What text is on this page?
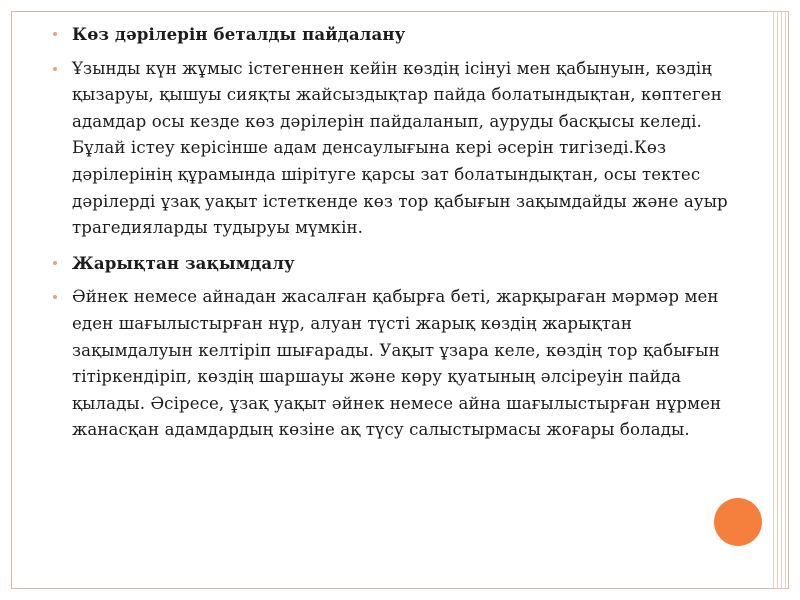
Көз дәрілерін беталды пайдалану
Ұзынды күн жұмыс істегеннен кейін көздің ісінуі мен қабынуын, көздің қызаруы, қышуы сияқты жайсыздықтар пайда болатындықтан, көптеген адамдар осы кезде көз дәрілерін пайдаланып, ауруды басқысы келеді. Бұлай істеу керісінше адам денсаулығына кері әсерін тигізеді.Көз дәрілерінің құрамында шірітуге қарсы зат болатындықтан, осы тектес дәрілерді ұзақ уақыт істеткенде көз тор қабығын зақымдайды және ауыр трагедияларды тудыруы мүмкін.
Жарықтан зақымдалу
Әйнек немесе айнадан жасалған қабырға беті, жарқыраған мәрмәр мен еден шағылыстырған нұр, алуан түсті жарық көздің жарықтан зақымдалуын келтіріп шығарады. Уақыт ұзара келе, көздің тор қабығын тітіркендіріп, көздің шаршауы және көру қуатының әлсіреуін пайда қылады. Әсіресе, ұзақ уақыт әйнек немесе айна шағылыстырған нұрмен жанасқан адамдардың көзіне ақ түсу салыстырмасы жоғары болады.
